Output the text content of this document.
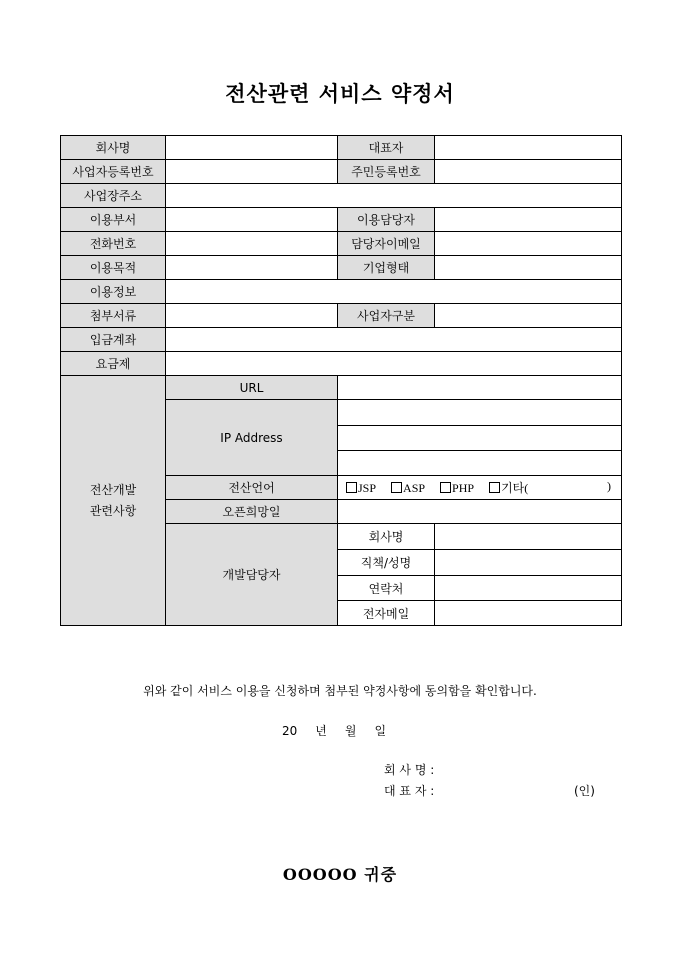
전산관련 서비스 약정서
회사명		대표자	
사업자등록번호		주민등록번호	
사업장주소			
이용부서		이용담당자	
전화번호		담당자이메일	
이용목적		기업형태	
이용정보			
첨부서류		사업자구분	
입금계좌			
요금제			

전산개발
관련사항	URL		
	IP Address		

	전산언어	JSP ASP PHP 기타( )	

	오픈희망일		
	개발담당자	회사명	
		직책/성명	
		연락처	
		전자메일	
위와 같이 서비스 이용을 신청하며 첨부된 약정사항에 동의함을 확인합니다.
20 년 월 일
회 사 명 :
대 표 자 :	(인)
OOOOO 귀중
